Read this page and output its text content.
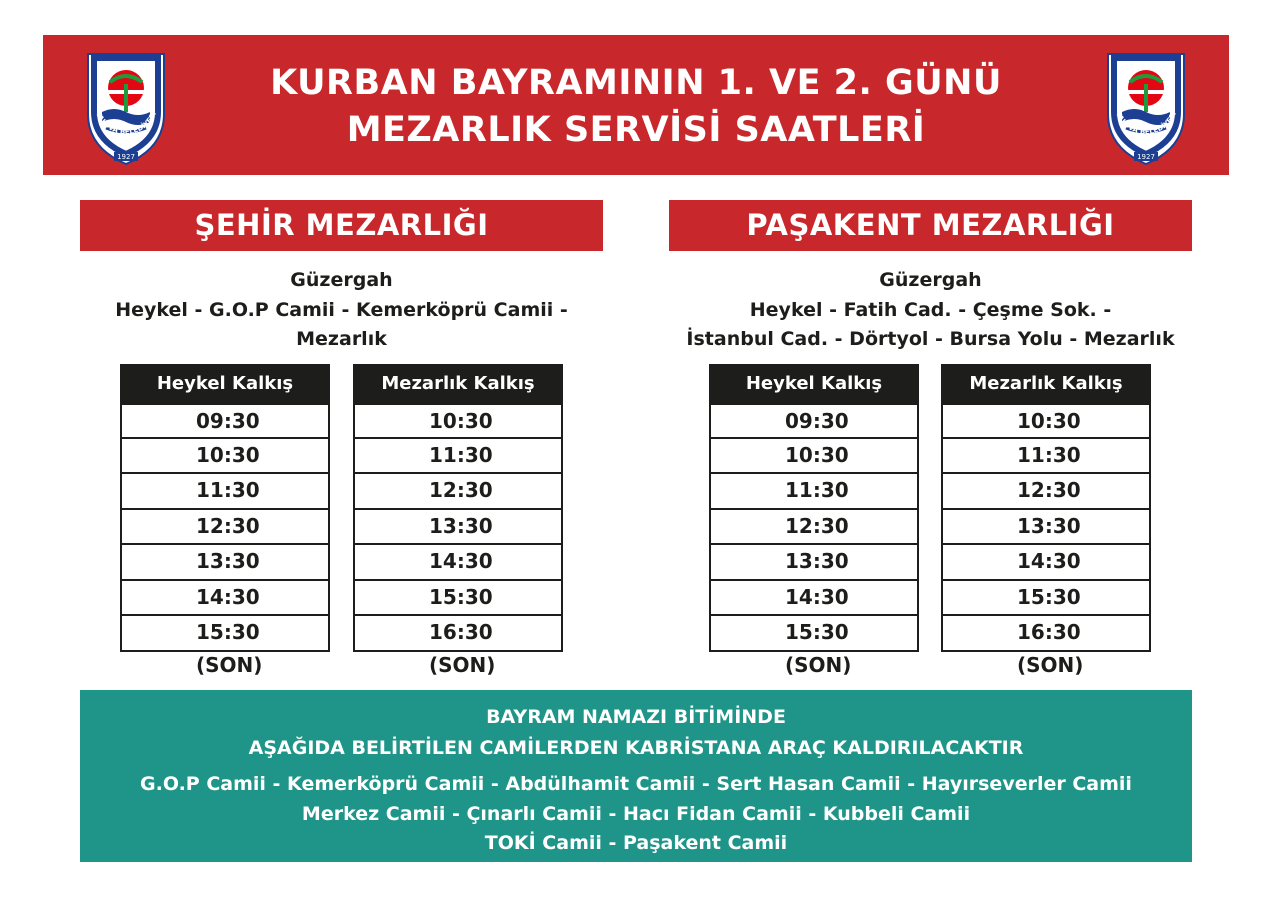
YALOVA BELEDİYESİ
1927
YALOVA BELEDİYESİ
1927
KURBAN BAYRAMININ 1. VE 2. GÜNÜ
MEZARLIK SERVİSİ SAATLERİ
ŞEHİR MEZARLIĞI	PAŞAKENT MEZARLIĞI
Güzergah
Heykel - G.O.P Camii - Kemerköprü Camii -
Mezarlık
Güzergah
Heykel - Fatih Cad. - Çeşme Sok. -
İstanbul Cad. - Dörtyol - Bursa Yolu - Mezarlık
Heykel Kalkış
09:30
10:30
11:30
12:30
13:30
14:30
15:30 (SON)
Mezarlık Kalkış
10:30
11:30
12:30
13:30
14:30
15:30
16:30 (SON)
Heykel Kalkış
09:30
10:30
11:30
12:30
13:30
14:30
15:30 (SON)
Mezarlık Kalkış
10:30
11:30
12:30
13:30
14:30
15:30
16:30 (SON)
BAYRAM NAMAZI BİTİMİNDE
AŞAĞIDA BELİRTİLEN CAMİLERDEN KABRİSTANA ARAÇ KALDIRILACAKTIR
G.O.P Camii - Kemerköprü Camii - Abdülhamit Camii - Sert Hasan Camii - Hayırseverler Camii
Merkez Camii - Çınarlı Camii - Hacı Fidan Camii - Kubbeli Camii
TOKİ Camii - Paşakent Camii
